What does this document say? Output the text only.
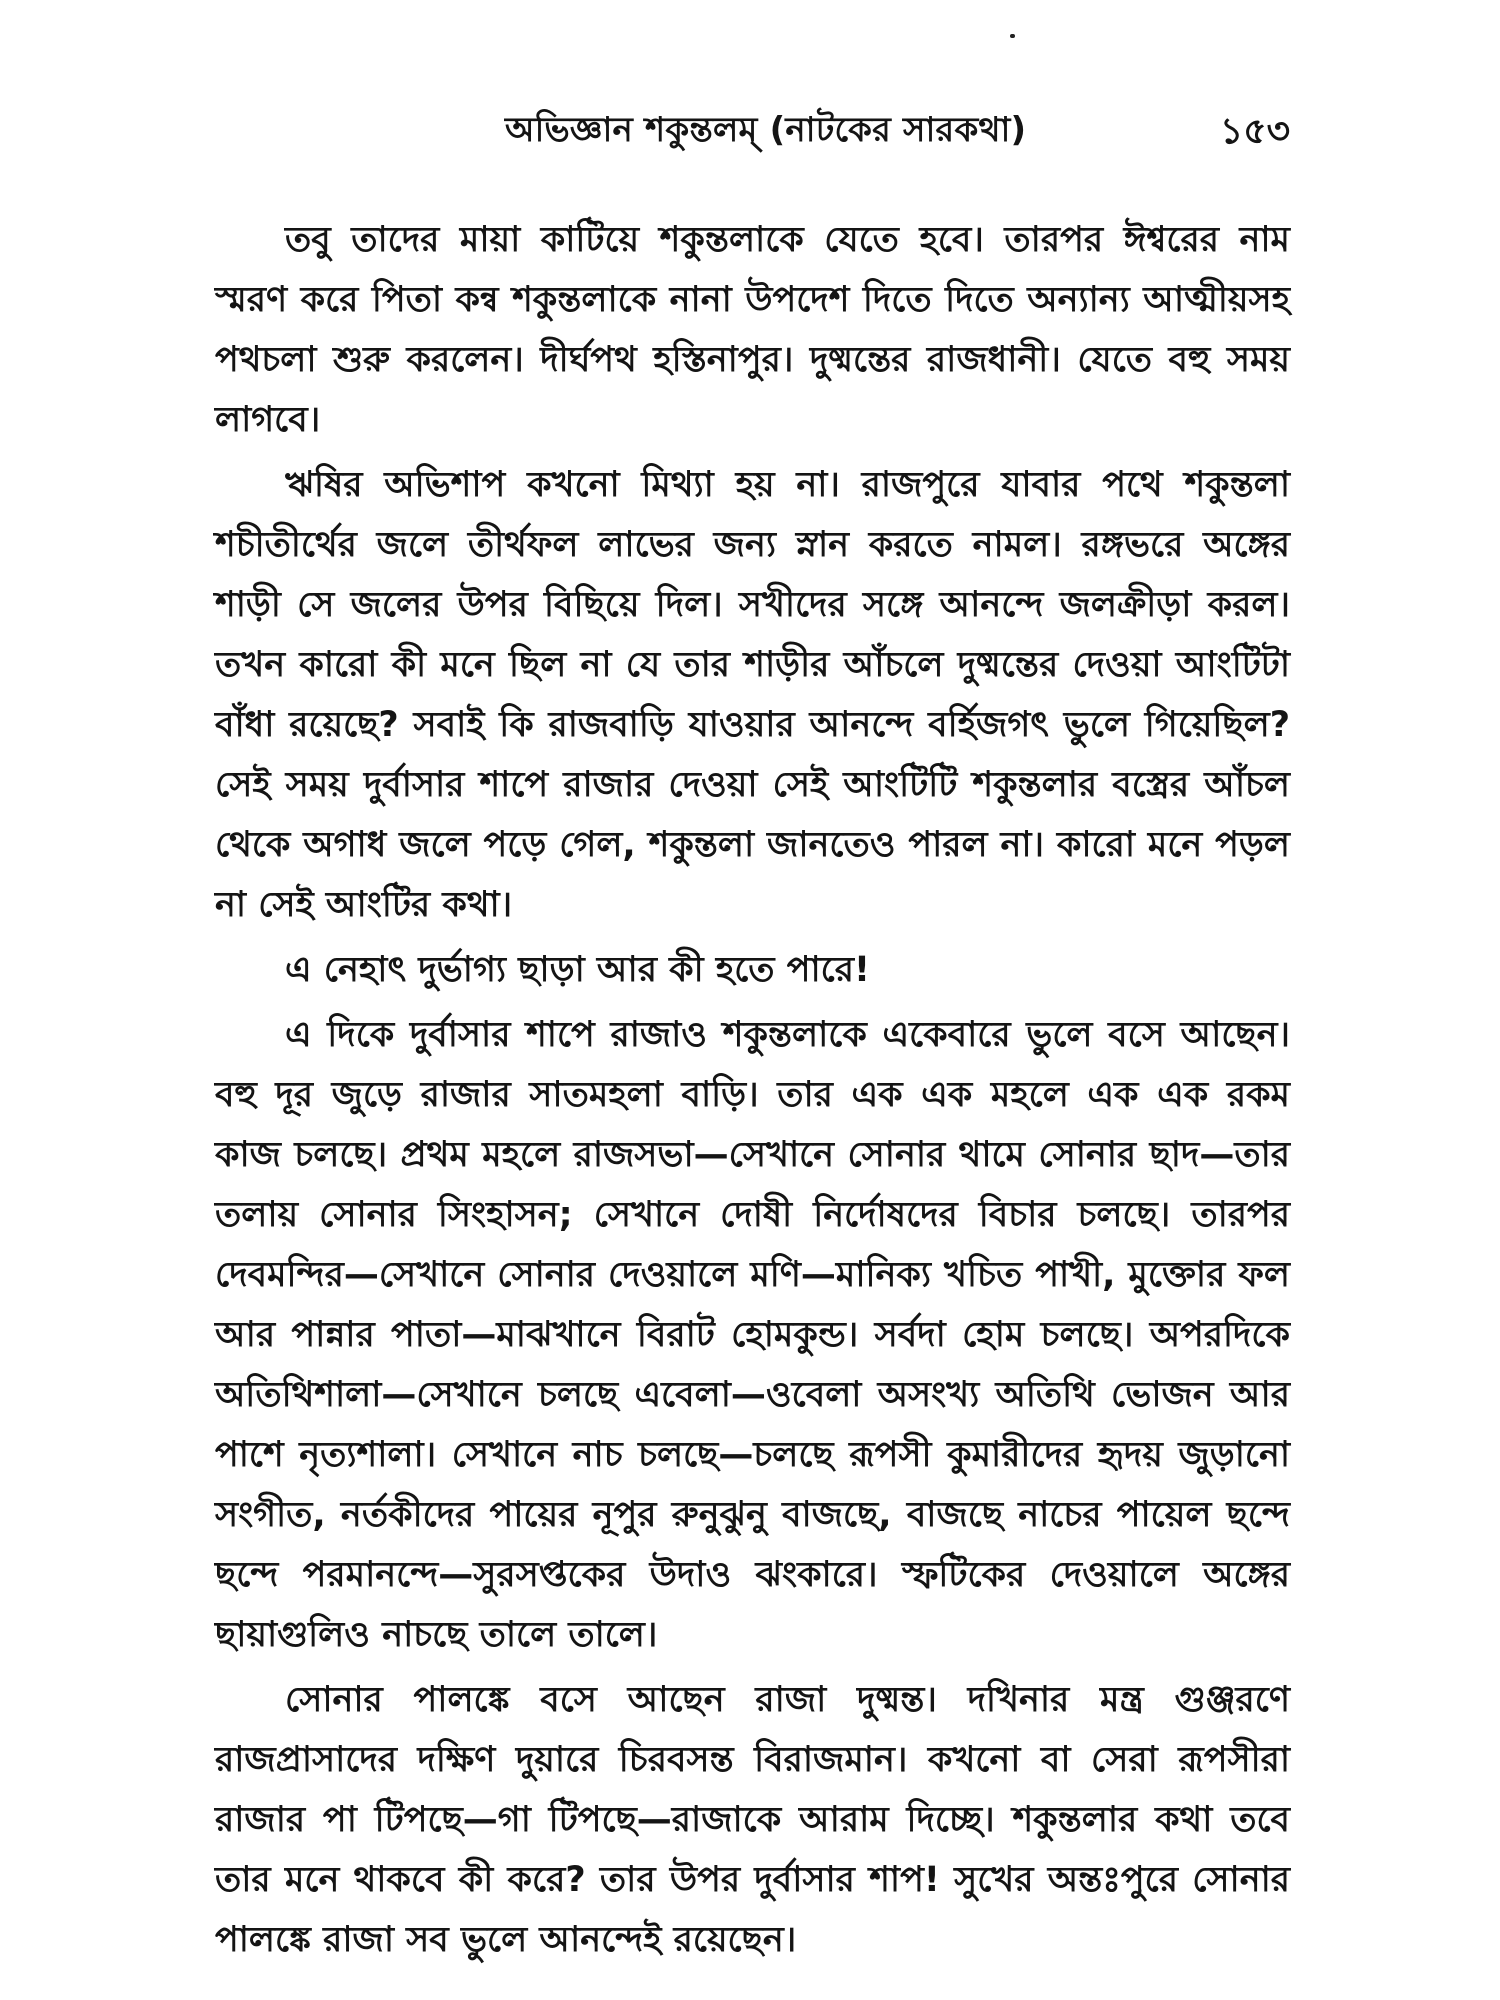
অভিজ্ঞান শকুন্তলম্ (নাটকের সারকথা)	১৫৩

তবু তাদের মায়া কাটিয়ে শকুন্তলাকে যেতে হবে। তারপর ঈশ্বরের নাম স্মরণ করে পিতা কন্ব শকুন্তলাকে নানা উপদেশ দিতে দিতে অন্যান্য আত্মীয়সহ পথচলা শুরু করলেন। দীর্ঘপথ হস্তিনাপুর। দুষ্মন্তের রাজধানী। যেতে বহু সময় লাগবে।

ঋষির অভিশাপ কখনো মিথ্যা হয় না। রাজপুরে যাবার পথে শকুন্তলা শচীতীর্থের জলে তীর্থফল লাভের জন্য স্নান করতে নামল। রঙ্গভরে অঙ্গের শাড়ী সে জলের উপর বিছিয়ে দিল। সখীদের সঙ্গে আনন্দে জলক্রীড়া করল। তখন কারো কী মনে ছিল না যে তার শাড়ীর আঁচলে দুষ্মন্তের দেওয়া আংটিটা বাঁধা রয়েছে? সবাই কি রাজবাড়ি যাওয়ার আনন্দে বর্হিজগৎ ভুলে গিয়েছিল? সেই সময় দুর্বাসার শাপে রাজার দেওয়া সেই আংটিটি শকুন্তলার বস্ত্রের আঁচল থেকে অগাধ জলে পড়ে গেল, শকুন্তলা জানতেও পারল না। কারো মনে পড়ল না সেই আংটির কথা।

এ নেহাৎ দুর্ভাগ্য ছাড়া আর কী হতে পারে!

এ দিকে দুর্বাসার শাপে রাজাও শকুন্তলাকে একেবারে ভুলে বসে আছেন। বহু দূর জুড়ে রাজার সাতমহলা বাড়ি। তার এক এক মহলে এক এক রকম কাজ চলছে। প্রথম মহলে রাজসভা—সেখানে সোনার থামে সোনার ছাদ—তার তলায় সোনার সিংহাসন; সেখানে দোষী নির্দোষদের বিচার চলছে। তারপর দেবমন্দির—সেখানে সোনার দেওয়ালে মণি—মানিক্য খচিত পাখী, মুক্তোর ফল আর পান্নার পাতা—মাঝখানে বিরাট হোমকুন্ড। সর্বদা হোম চলছে। অপরদিকে অতিথিশালা—সেখানে চলছে এবেলা—ওবেলা অসংখ্য অতিথি ভোজন আর পাশে নৃত্যশালা। সেখানে নাচ চলছে—চলছে রূপসী কুমারীদের হৃদয় জুড়ানো সংগীত, নর্তকীদের পায়ের নূপুর রুনুঝুনু বাজছে, বাজছে নাচের পায়েল ছন্দে ছন্দে পরমানন্দে—সুরসপ্তকের উদাও ঝংকারে। স্ফটিকের দেওয়ালে অঙ্গের ছায়াগুলিও নাচছে তালে তালে।

সোনার পালঙ্কে বসে আছেন রাজা দুষ্মন্ত। দখিনার মন্ত্র গুঞ্জরণে রাজপ্রাসাদের দক্ষিণ দুয়ারে চিরবসন্ত বিরাজমান। কখনো বা সেরা রূপসীরা রাজার পা টিপছে—গা টিপছে—রাজাকে আরাম দিচ্ছে। শকুন্তলার কথা তবে তার মনে থাকবে কী করে? তার উপর দুর্বাসার শাপ! সুখের অন্তঃপুরে সোনার পালঙ্কে রাজা সব ভুলে আনন্দেই রয়েছেন।
